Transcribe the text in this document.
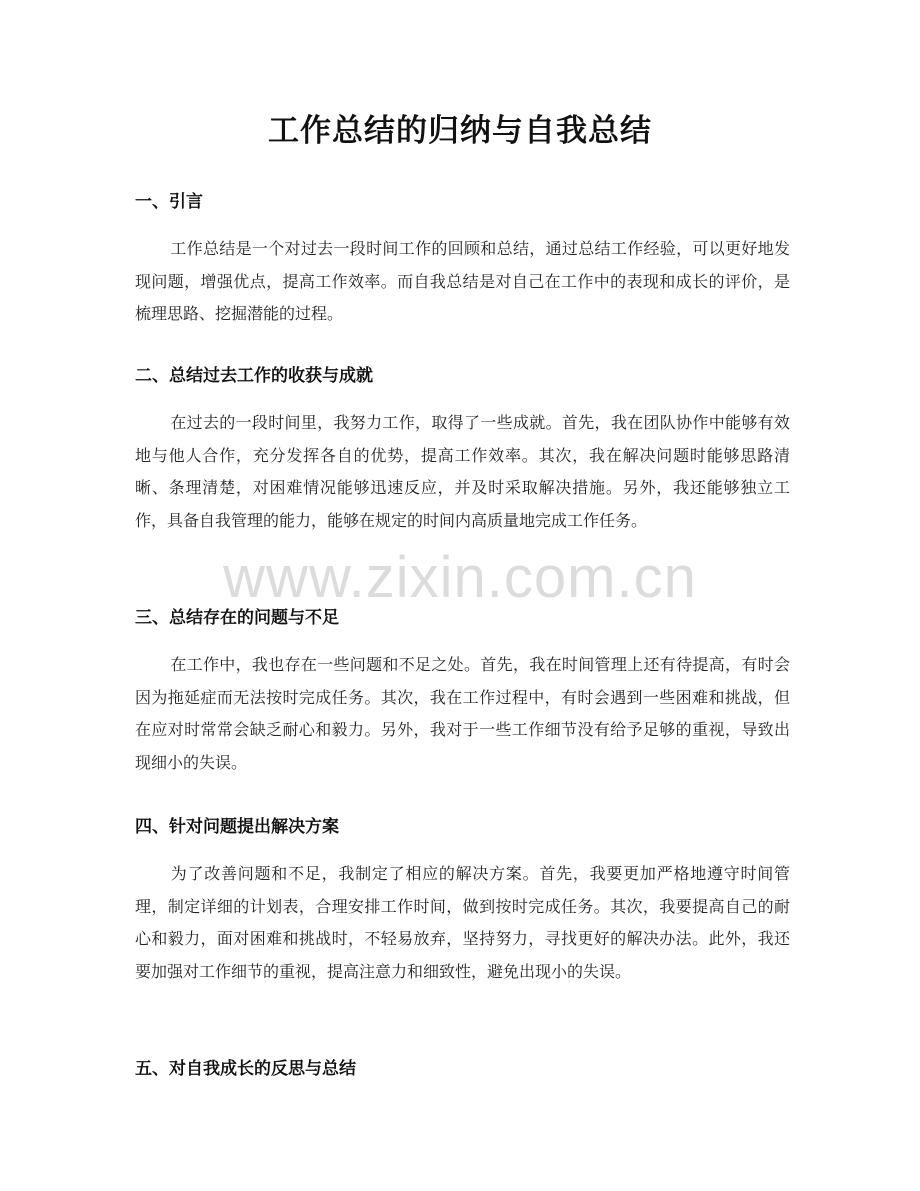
工作总结的归纳与自我总结
一、引言

工作总结是一个对过去一段时间工作的回顾和总结，通过总结工作经验，可以更好地发现问题，增强优点，提高工作效率。而自我总结是对自己在工作中的表现和成长的评价，是梳理思路、挖掘潜能的过程。

二、总结过去工作的收获与成就

在过去的一段时间里，我努力工作，取得了一些成就。首先，我在团队协作中能够有效地与他人合作，充分发挥各自的优势，提高工作效率。其次，我在解决问题时能够思路清晰、条理清楚，对困难情况能够迅速反应，并及时采取解决措施。另外，我还能够独立工作，具备自我管理的能力，能够在规定的时间内高质量地完成工作任务。

三、总结存在的问题与不足

在工作中，我也存在一些问题和不足之处。首先，我在时间管理上还有待提高，有时会因为拖延症而无法按时完成任务。其次，我在工作过程中，有时会遇到一些困难和挑战，但在应对时常常会缺乏耐心和毅力。另外，我对于一些工作细节没有给予足够的重视，导致出现细小的失误。

四、针对问题提出解决方案

为了改善问题和不足，我制定了相应的解决方案。首先，我要更加严格地遵守时间管理，制定详细的计划表，合理安排工作时间，做到按时完成任务。其次，我要提高自己的耐心和毅力，面对困难和挑战时，不轻易放弃，坚持努力，寻找更好的解决办法。此外，我还要加强对工作细节的重视，提高注意力和细致性，避免出现小的失误。

五、对自我成长的反思与总结
www.zixin.com.cn
